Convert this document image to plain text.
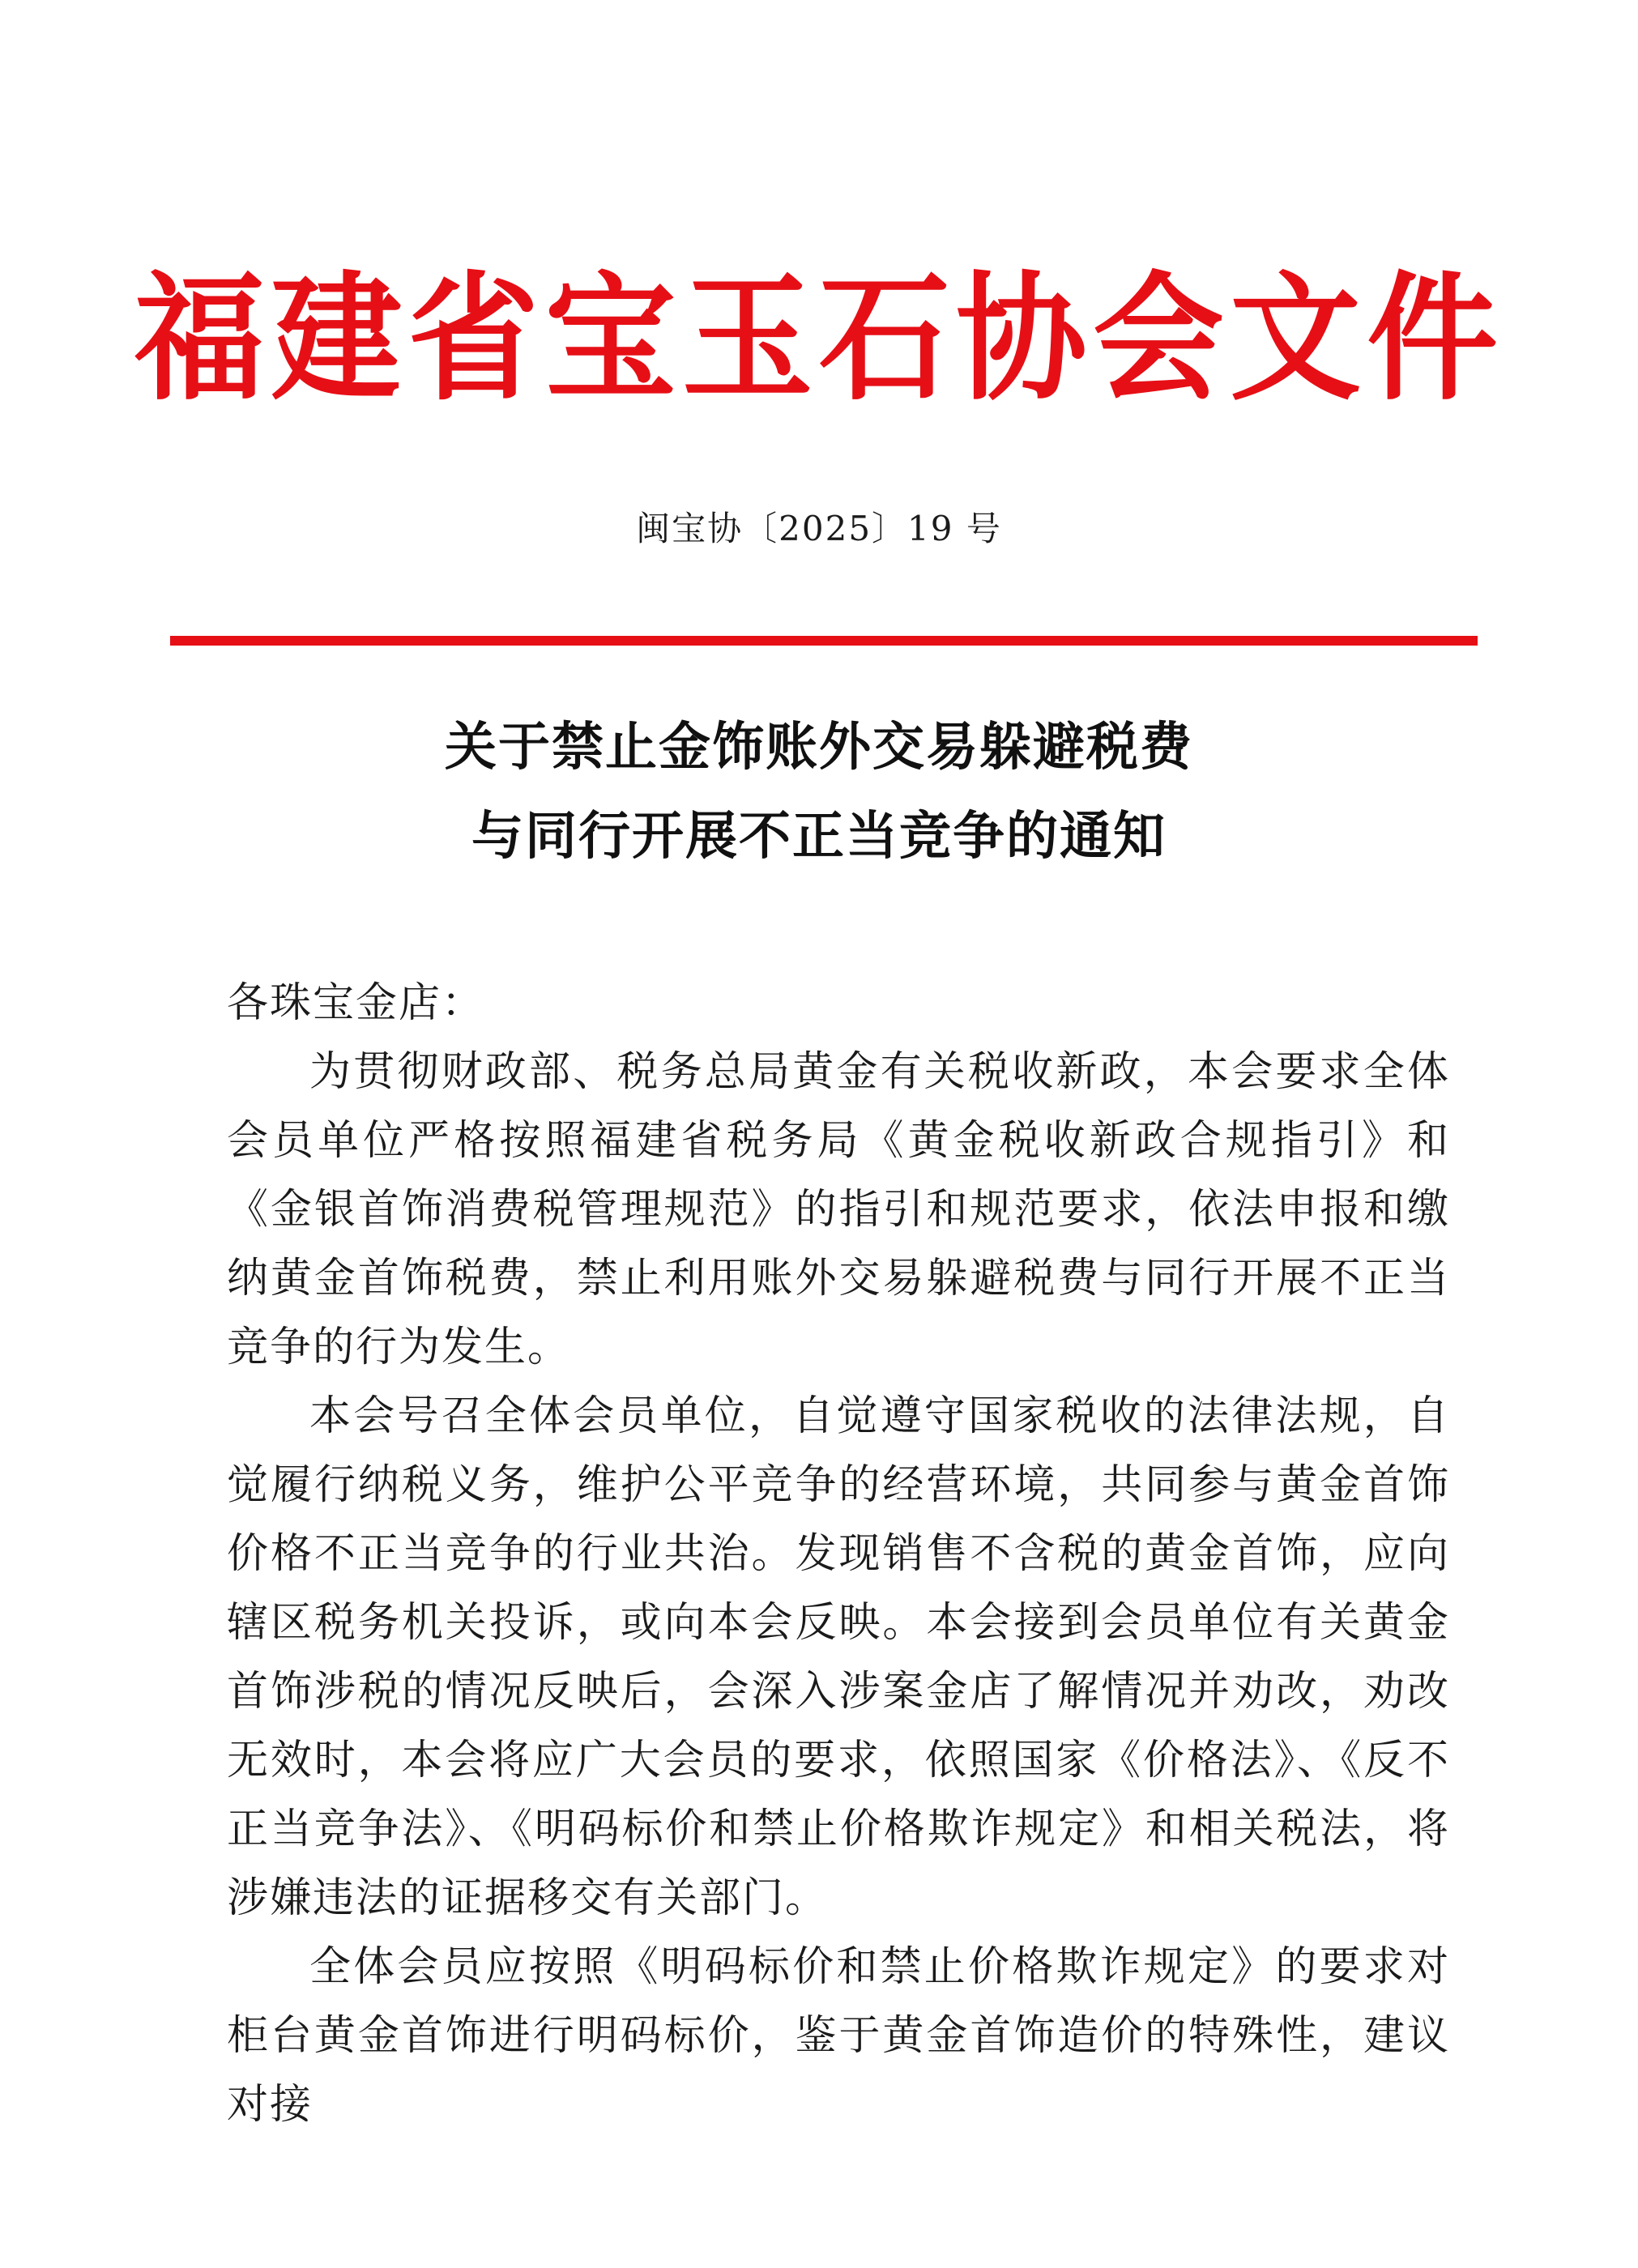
福建省宝玉石协会文件
闽宝协〔2025〕19 号
关于禁止金饰账外交易躲避税费
与同行开展不正当竞争的通知

各珠宝金店：

为贯彻财政部、税务总局黄金有关税收新政，本会要求全体会员单位严格按照福建省税务局《黄金税收新政合规指引》和《金银首饰消费税管理规范》的指引和规范要求，依法申报和缴纳黄金首饰税费，禁止利用账外交易躲避税费与同行开展不正当竞争的行为发生。

本会号召全体会员单位，自觉遵守国家税收的法律法规，自觉履行纳税义务，维护公平竞争的经营环境，共同参与黄金首饰价格不正当竞争的行业共治。发现销售不含税的黄金首饰，应向辖区税务机关投诉，或向本会反映。本会接到会员单位有关黄金首饰涉税的情况反映后，会深入涉案金店了解情况并劝改，劝改无效时，本会将应广大会员的要求，依照国家《价格法》、《反不正当竞争法》、《明码标价和禁止价格欺诈规定》和相关税法，将涉嫌违法的证据移交有关部门。

全体会员应按照《明码标价和禁止价格欺诈规定》的要求对柜台黄金首饰进行明码标价，鉴于黄金首饰造价的特殊性，建议对接
